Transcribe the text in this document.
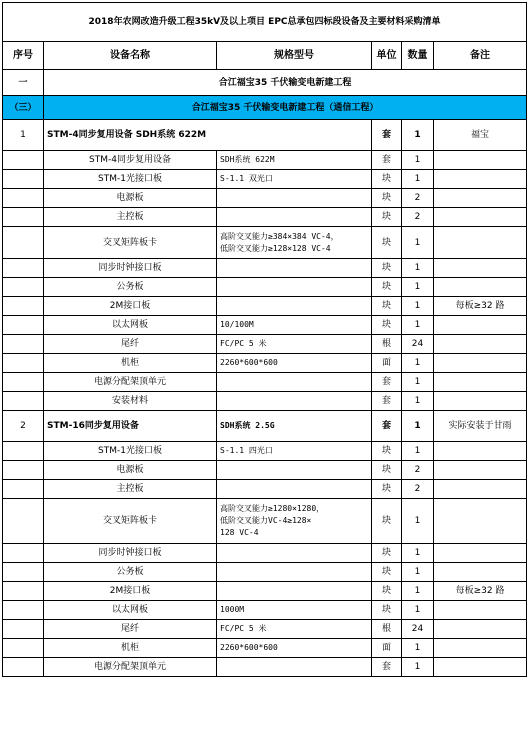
2018年农网改造升级工程35kV及以上项目 EPC总承包四标段设备及主要材料采购清单					
序号	设备名称	规格型号	单位	数量	备注
一	合江福宝35 千伏输变电新建工程				
（三）	合江福宝35 千伏输变电新建工程（通信工程）				
1	STM-4同步复用设备 SDH系统 622M		套	1	福宝
	STM-4同步复用设备	SDH系统 622M	套	1	
	STM-1光接口板	S-1.1 双光口	块	1	
	电源板		块	2	
	主控板		块	2	
	交叉矩阵板卡	高阶交叉能力≥384×384 VC-4，
低阶交叉能力≥128×128 VC-4	块	1	
	同步时钟接口板		块	1	
	公务板		块	1	
	2M接口板		块	1	每板≥32 路
	以太网板	10/100M	块	1	
	尾纤	FC/PC 5 米	根	24	
	机柜	2260*600*600	面	1	
	电源分配架顶单元		套	1	
	安装材料		套	1	
2	STM-16同步复用设备	SDH系统 2.5G	套	1	实际安装于甘雨
	STM-1光接口板	S-1.1 四光口	块	1	
	电源板		块	2	
	主控板		块	2	
	交叉矩阵板卡	高阶交叉能力≥1280×1280，
低阶交叉能力VC-4≥128×
128 VC-4	块	1	
	同步时钟接口板		块	1	
	公务板		块	1	
	2M接口板		块	1	每板≥32 路
	以太网板	1000M	块	1	
	尾纤	FC/PC 5 米	根	24	
	机柜	2260*600*600	面	1	
	电源分配架顶单元		套	1	
